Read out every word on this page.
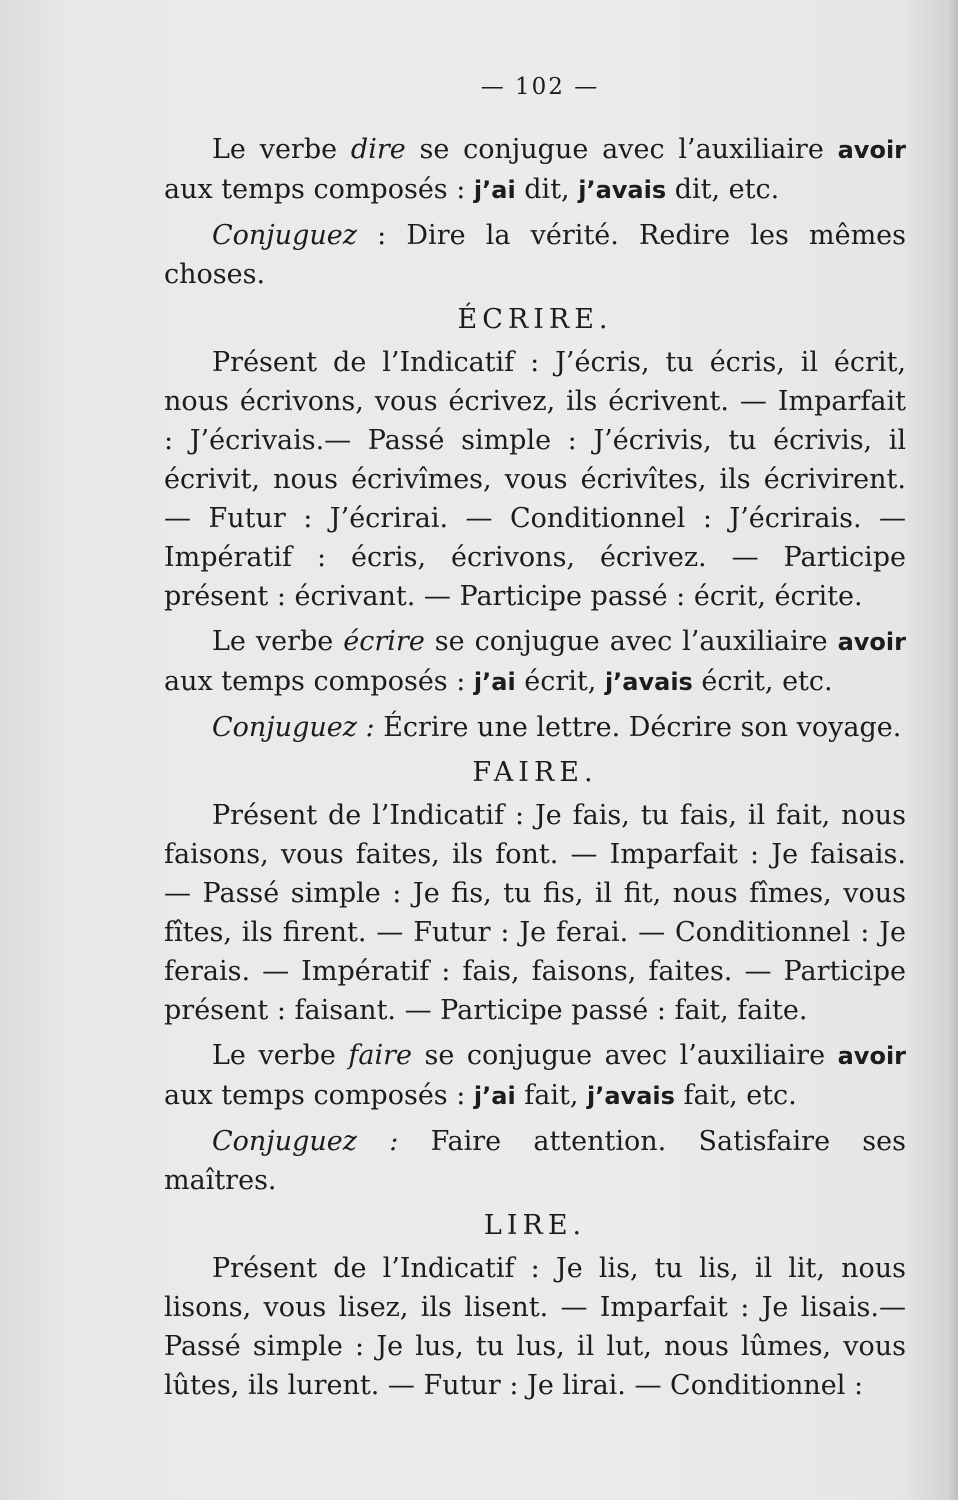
— 102 —

Le verbe dire se conjugue avec l’auxiliaire avoir aux temps composés : j’ai dit, j’avais dit, etc.

Conjuguez : Dire la vérité. Redire les mêmes choses.

ÉCRIRE.

Présent de l’Indicatif : J’écris, tu écris, il écrit, nous écrivons, vous écrivez, ils écrivent. — Imparfait : J’écrivais.— Passé simple : J’écrivis, tu écrivis, il écrivit, nous écrivîmes, vous écrivîtes, ils écrivirent. — Futur : J’écrirai. — Conditionnel : J’écrirais. — Impératif : écris, écrivons, écrivez. — Participe présent : écrivant. — Participe passé : écrit, écrite.

Le verbe écrire se conjugue avec l’auxiliaire avoir aux temps composés : j’ai écrit, j’avais écrit, etc.

Conjuguez : Écrire une lettre. Décrire son voyage.

FAIRE.

Présent de l’Indicatif : Je fais, tu fais, il fait, nous faisons, vous faites, ils font. — Imparfait : Je faisais. — Passé simple : Je fis, tu fis, il fit, nous fîmes, vous fîtes, ils firent. — Futur : Je ferai. — Conditionnel : Je ferais. — Impératif : fais, faisons, faites. — Participe présent : faisant. — Participe passé : fait, faite.

Le verbe faire se conjugue avec l’auxiliaire avoir aux temps composés : j’ai fait, j’avais fait, etc.

Conjuguez : Faire attention. Satisfaire ses maîtres.

LIRE.

Présent de l’Indicatif : Je lis, tu lis, il lit, nous lisons, vous lisez, ils lisent. — Imparfait : Je lisais.— Passé simple : Je lus, tu lus, il lut, nous lûmes, vous lûtes, ils lurent. — Futur : Je lirai. — Conditionnel :
